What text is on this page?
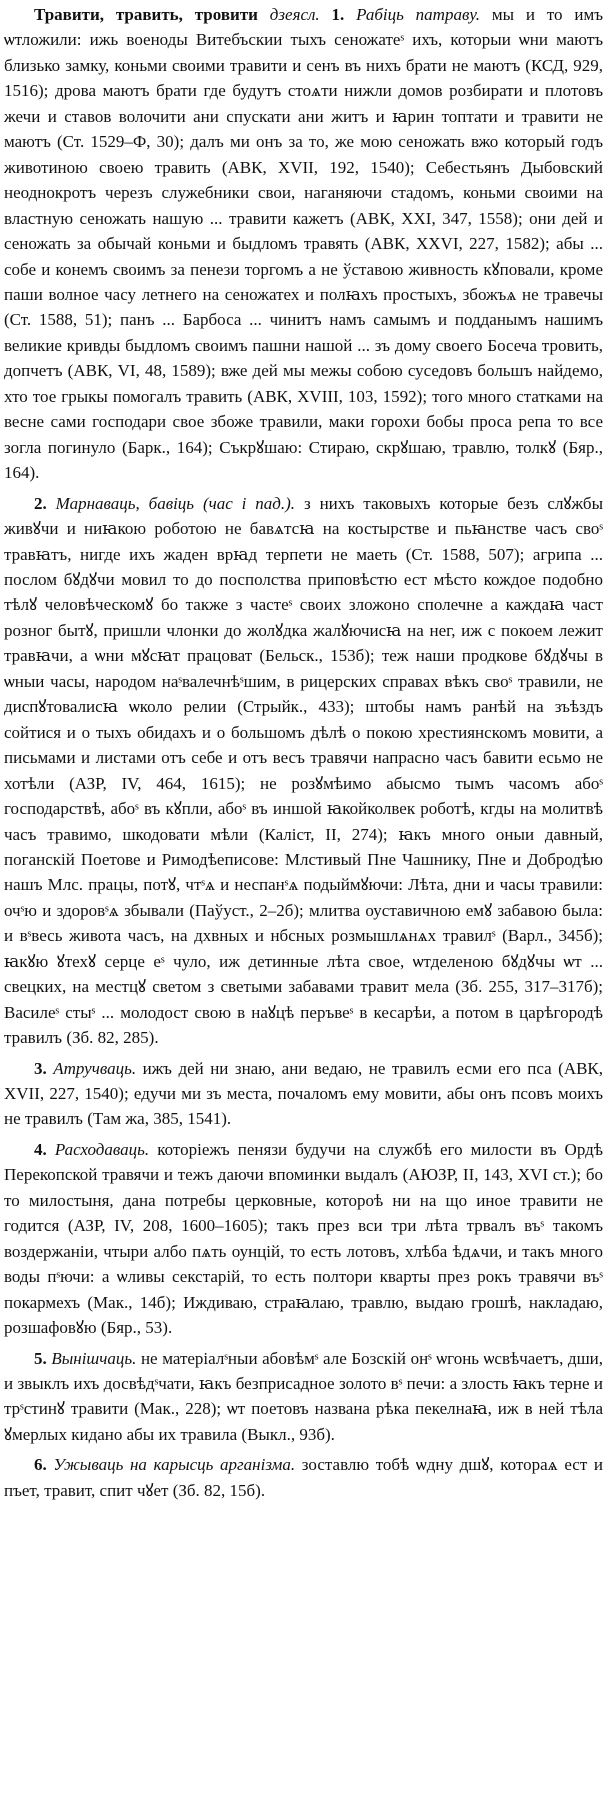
Травити, травить, тровити дзеясл. 1. Рабіць патраву. мы и то имъ ѡтложили: ижь военоды Витебъскии тыхъ сеножатеˢ ихъ, которыи ѡни маютъ близько замку, коньми своими травити и сенъ въ нихъ брати не маютъ (КСД, 929, 1516); дрова маютъ брати где будутъ стоѧти нижли домов розбирати и плотовъ жечи и ставов волочити ани спускати ани житъ и ꙗрин топтати и травити не маютъ (Ст. 1529–Ф, 30); далъ ми онъ за то, же мою сеножать вжо который годъ животиною своею травить (АВК, XVII, 192, 1540); Себестьянъ Дыбовский неоднокротъ черезъ служебники свои, наганяючи стадомъ, коньми своими на властную сеножать нашую ... травити кажетъ (АВК, XXI, 347, 1558); они дей и сеножать за обычай коньми и быдломъ травять (АВК, XXVI, 227, 1582); абы ... собе и конемъ своимъ за пенези торгомъ а не ўставою живность кꙋповали, кроме паши волное часу летнего на сеножатех и полꙗхъ простыхъ, збожъѧ не травечы (Ст. 1588, 51); панъ ... Барбоса ... чинитъ намъ самымъ и подданымъ нашимъ великие кривды быдломъ своимъ пашни нашой ... зъ дому своего Босеча тровить, допчетъ (АВК, VI, 48, 1589); вже дей мы межы собою суседовъ большъ найдемо, хто тое грыкы помогалъ травить (АВК, XVIII, 103, 1592); того много статками на весне сами господари свое збоже травили, маки горохи бобы проса репа то все зогла погинуло (Барк., 164); Съкрꙋшаю: Стираю, скрꙋшаю, травлю, толкꙋ (Бяр., 164).

2. Марнаваць, бавіць (час і пад.). з нихъ таковыхъ которые безъ слꙋжбы живꙋчи и ниꙗкою роботою не бавѧтсꙗ на костырстве и пьꙗнстве часъ своˢ травꙗтъ, нигде ихъ жаден врꙗд терпети не маеть (Ст. 1588, 507); агрипа ... послом бꙋдꙋчи мовил то до посполства приповѣстю ест мѣсто кождое подобно тѣлꙋ человѣческомꙋ бо также з частеˢ своих зложоно сполечне а каждаꙗ част розног бытꙋ, пришли члонки до жолꙋдка жалꙋючисꙗ на нег, иж с покоем лежит травꙗчи, а ѡни мꙋсꙗт працоват (Бельск., 153б); теж наши продкове бꙋдꙋчы в ѡныи часы, народом наˢвалечнѣˢшим, в рицерских справах вѣкъ своˢ травили, не диспꙋтовалисꙗ ѡколо релии (Стрыйк., 433); штобы намъ ранѣй на зъѣздъ сойтися и о тыхъ обидахъ и о большомъ дѣлѣ о покою хрестиянскомъ мовити, а письмами и листами отъ себе и отъ весъ травячи напрасно часъ бавити есьмо не хотѣли (АЗР, IV, 464, 1615); не розꙋмѣимо абысмо тымъ часомъ абоˢ господарствѣ, абоˢ въ кꙋпли, абоˢ въ иншой ꙗкойколвек роботѣ, кгды на молитвѣ часъ травимо, шкодовати мѣли (Каліст, II, 274); ꙗкъ много оныи давный, поганскій Поетове и Римодѣеписове: Млстивый Пне Чашнику, Пне и Добродѣю нашъ Млс. працы, потꙋ, чтˢѧ и неспанˢѧ подыймꙋючи: Лѣта, дни и часы травили: очˢю и здоровˢѧ збывали (Паўуст., 2–2б); млитва оуставичною емꙋ забавою была: и вˢвесь живота часъ, на дхвных и нбсных розмышлѧнѧх травилˢ (Варл., 345б); ꙗкꙋю ꙋтехꙋ серце еˢ чуло, иж детинные лѣта свое, ѡтделеною бꙋдꙋчы ѡт ... свецких, на местцꙋ светом з светыми забавами травит мела (Зб. 255, 317–317б); Василеˢ стыˢ ... молодост свою в наꙋцѣ перъвеˢ в кесарѣи, а потом в царѣгородѣ травилъ (Зб. 82, 285).

3. Атручваць. ижъ дей ни знаю, ани ведаю, не травилъ есми его пса (АВК, XVII, 227, 1540); едучи ми зъ места, почаломъ ему мовити, абы онъ псовъ моихъ не травилъ (Там жа, 385, 1541).

4. Расходаваць. которіежъ пенязи будучи на службѣ его милости въ Ордѣ Перекопской травячи и тежъ даючи впоминки выдалъ (АЮЗР, II, 143, XVI ст.); бо то милостыня, дана потребы церковные, котороѣ ни на що иное травити не годится (АЗР, IV, 208, 1600–1605); такъ през вси три лѣта трвалъ въˢ такомъ воздержаніи, чтыри албо пѧть оунцій, то есть лотовъ, хлѣба ѣдѧчи, и такъ много воды пˢючи: а ѡливы секстарій, то есть полтори кварты през рокъ травячи въˢ покармехъ (Мак., 14б); Иждиваю, страꙗлаю, травлю, выдаю грошѣ, накладаю, розшафовꙋю (Бяр., 53).

5. Вынішчаць. не матеріалˢныи абовѣмˢ але Бозскій онˢ ѡгонь ѡсвѣчаетъ, дши, и звыклъ ихъ досвѣдˢчати, ꙗкъ безприсадное золото вˢ печи: а злость ꙗкъ терне и трˢстинꙋ травити (Мак., 228); ѡт поетовъ названа рѣка пекелнаꙗ, иж в ней тѣла ꙋмерлых кидано абы их травила (Выкл., 93б).

6. Ужываць на карысць арганізма. зоставлю тобѣ ѡдну дшꙋ, котораѧ ест и пъет, травит, спит чꙋет (Зб. 82, 15б).
